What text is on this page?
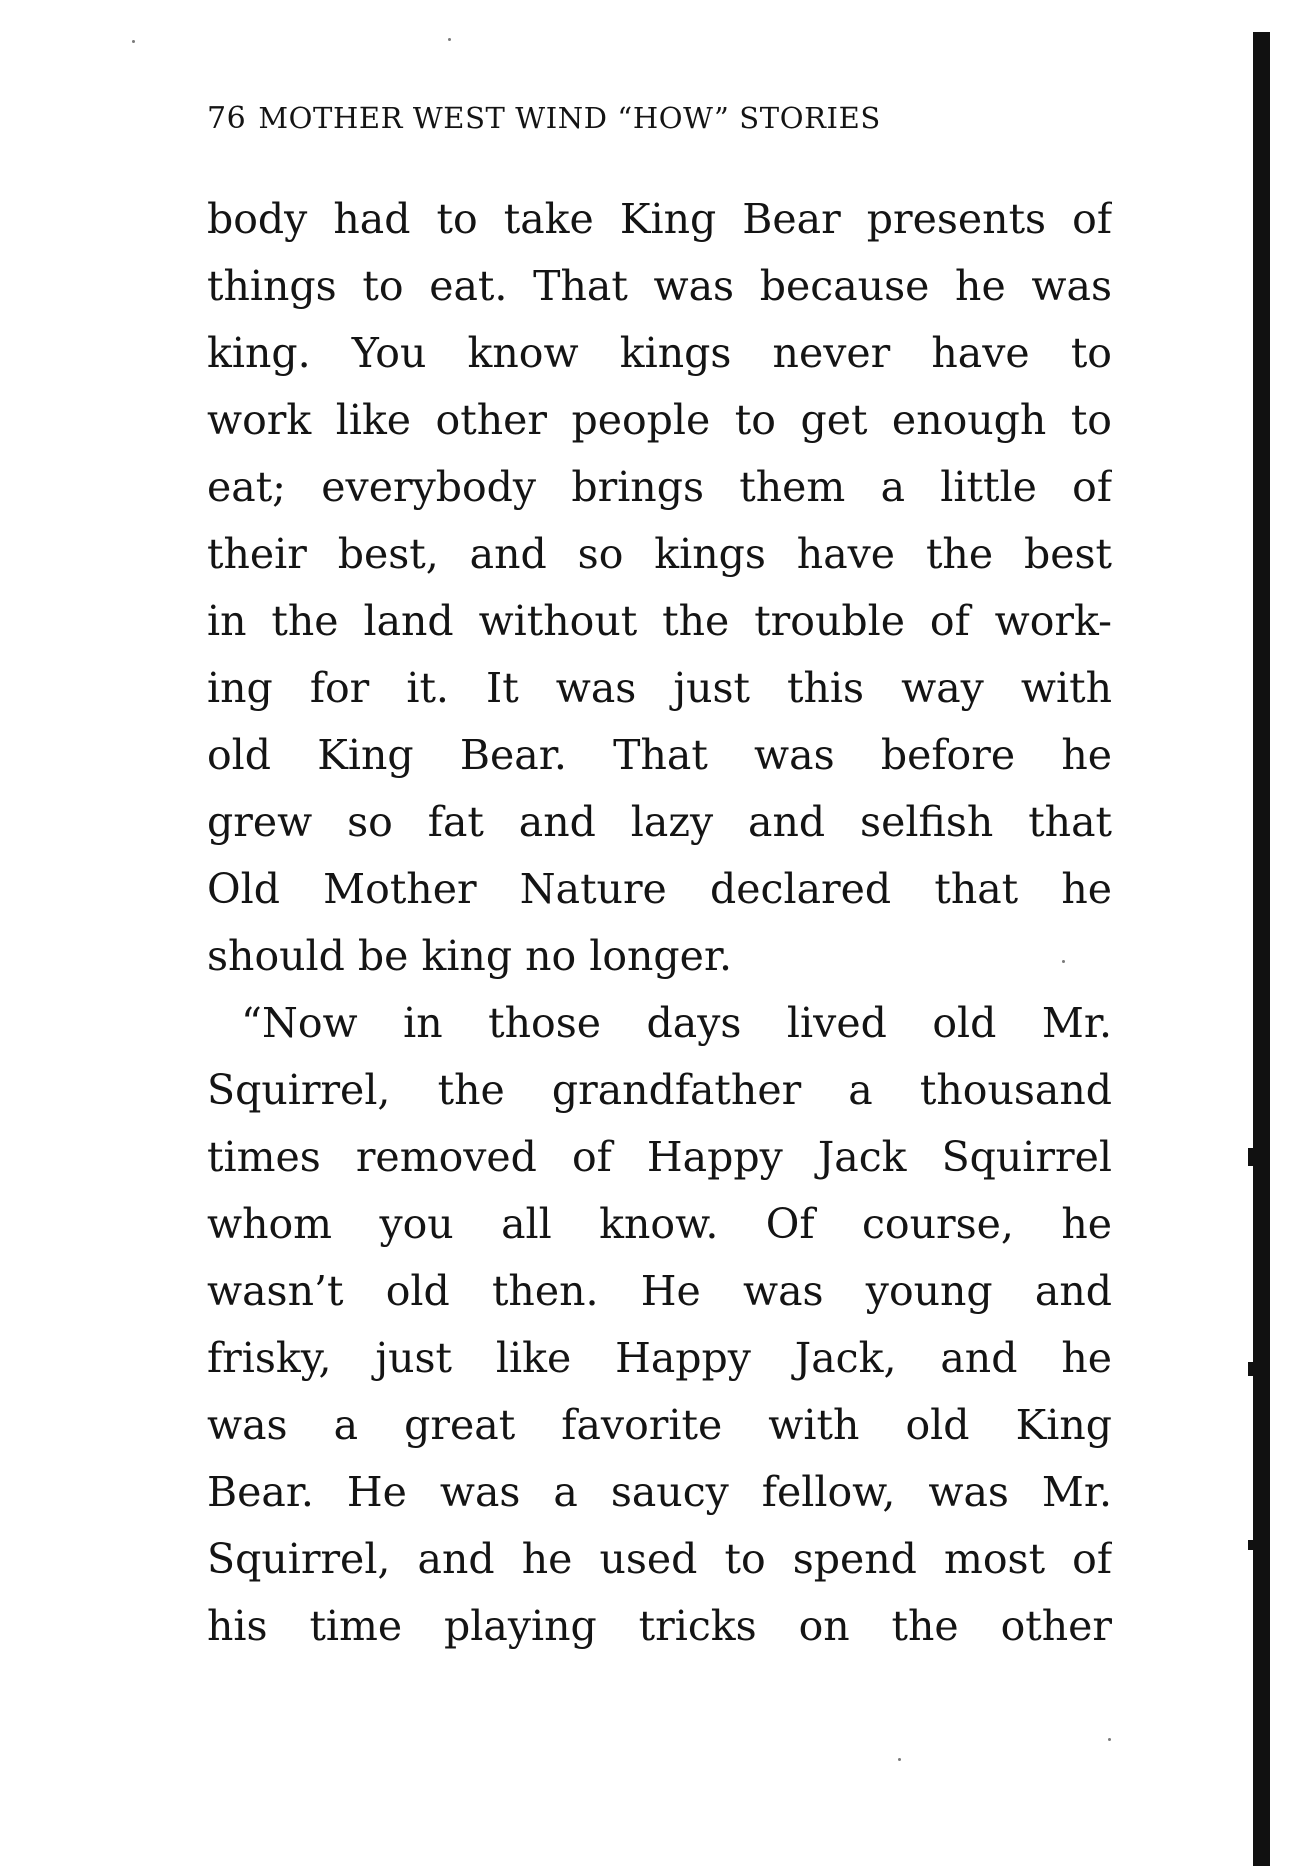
76 MOTHER WEST WIND “HOW” STORIES
body had to take King Bear presents of
things to eat. That was because he was
king. You know kings never have to
work like other people to get enough to
eat; everybody brings them a little of
their best, and so kings have the best
in the land without the trouble of work-
ing for it. It was just this way with
old King Bear. That was before he
grew so fat and lazy and selfish that
Old Mother Nature declared that he
should be king no longer.
“Now in those days lived old Mr.
Squirrel, the grandfather a thousand
times removed of Happy Jack Squirrel
whom you all know. Of course, he
wasn’t old then. He was young and
frisky, just like Happy Jack, and he
was a great favorite with old King
Bear. He was a saucy fellow, was Mr.
Squirrel, and he used to spend most of
his time playing tricks on the other
